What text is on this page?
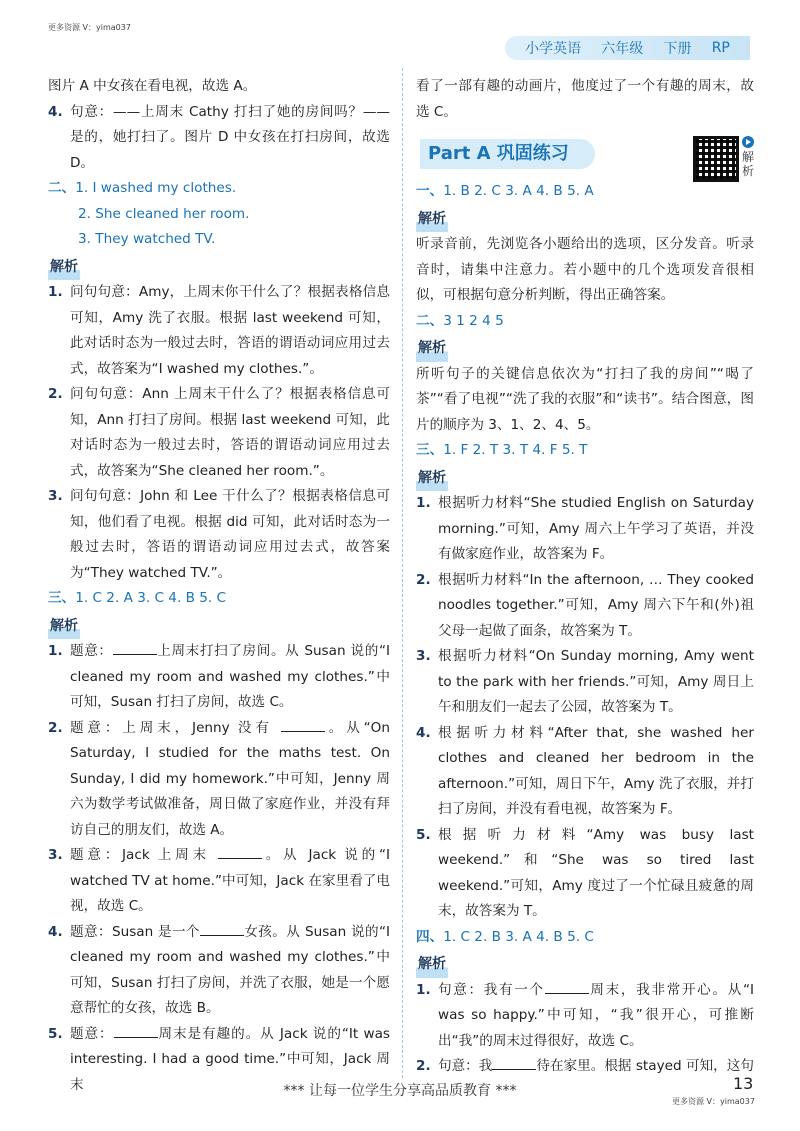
更多资源 V：yima037
小学英语 六年级 下册 RP
图片 A 中女孩在看电视，故选 A。
4. 句意：——上周末 Cathy 打扫了她的房间吗？——是的，她打扫了。图片 D 中女孩在打扫房间，故选 D。
二、1. I washed my clothes.
2. She cleaned her room.
3. They watched TV.
解析
1. 问句句意：Amy，上周末你干什么了？根据表格信息可知，Amy 洗了衣服。根据 last weekend 可知，此对话时态为一般过去时，答语的谓语动词应用过去式，故答案为“I washed my clothes.”。
2. 问句句意：Ann 上周末干什么了？根据表格信息可知，Ann 打扫了房间。根据 last weekend 可知，此对话时态为一般过去时，答语的谓语动词应用过去式，故答案为“She cleaned her room.”。
3. 问句句意：John 和 Lee 干什么了？根据表格信息可知，他们看了电视。根据 did 可知，此对话时态为一般过去时，答语的谓语动词应用过去式，故答案为“They watched TV.”。
三、1. C 2. A 3. C 4. B 5. C
解析
1. 题意：	上周末打扫了房间。从 Susan 说的“I cleaned my room and washed my clothes.”中可知，Susan 打扫了房间，故选 C。
2. 题意：上周末，Jenny 没有	。从“On Saturday, I studied for the maths test. On Sunday, I did my homework.”中可知，Jenny 周六为数学考试做准备，周日做了家庭作业，并没有拜访自己的朋友们，故选 A。
3. 题意：Jack 上周末	。从 Jack 说的“I watched TV at home.”中可知，Jack 在家里看了电视，故选 C。
4. 题意：Susan 是一个	女孩。从 Susan 说的“I cleaned my room and washed my clothes.”中可知，Susan 打扫了房间，并洗了衣服，她是一个愿意帮忙的女孩，故选 B。
5. 题意：	周末是有趣的。从 Jack 说的“It was interesting. I had a good time.”中可知，Jack 周末
看了一部有趣的动画片，他度过了一个有趣的周末，故选 C。
Part A 巩固练习	解
析
一、1. B 2. C 3. A 4. B 5. A
解析
听录音前，先浏览各小题给出的选项，区分发音。听录音时，请集中注意力。若小题中的几个选项发音很相似，可根据句意分析判断，得出正确答案。
二、3 1 2 4 5
解析
所听句子的关键信息依次为“打扫了我的房间”“喝了茶”“看了电视”“洗了我的衣服”和“读书”。结合图意，图片的顺序为 3、1、2、4、5。
三、1. F 2. T 3. T 4. F 5. T
解析
1. 根据听力材料“She studied English on Saturday morning.”可知，Amy 周六上午学习了英语，并没有做家庭作业，故答案为 F。
2. 根据听力材料“In the afternoon, … They cooked noodles together.”可知，Amy 周六下午和(外)祖父母一起做了面条，故答案为 T。
3. 根据听力材料“On Sunday morning, Amy went to the park with her friends.”可知，Amy 周日上午和朋友们一起去了公园，故答案为 T。
4. 根据听力材料“After that, she washed her clothes and cleaned her bedroom in the afternoon.”可知，周日下午，Amy 洗了衣服，并打扫了房间，并没有看电视，故答案为 F。
5. 根据听力材料“Amy was busy last weekend.”和“She was so tired last weekend.”可知，Amy 度过了一个忙碌且疲惫的周末，故答案为 T。
四、1. C 2. B 3. A 4. B 5. C
解析
1. 句意：我有一个	周末，我非常开心。从“I was so happy.”中可知，“我”很开心，可推断出“我”的周末过得很好，故选 C。
2. 句意：我	待在家里。根据 stayed 可知，这句
*** 让每一位学生分享高品质教育 ***	13
更多资源 V：yima037
